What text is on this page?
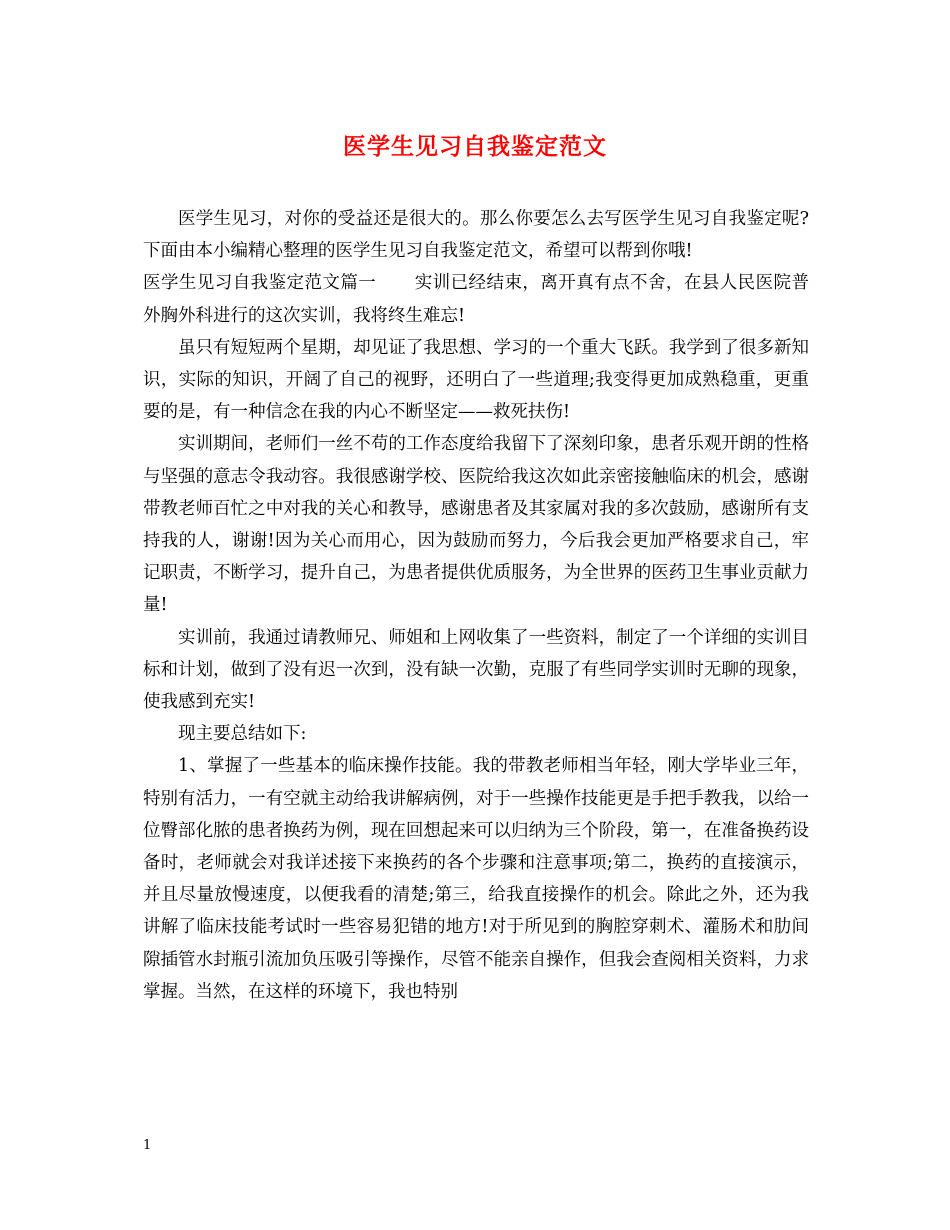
医学生见习自我鉴定范文

医学生见习，对你的受益还是很大的。那么你要怎么去写医学生见习自我鉴定呢?下面由本小编精心整理的医学生见习自我鉴定范文，希望可以帮到你哦!

医学生见习自我鉴定范文篇一 实训已经结束，离开真有点不舍，在县人民医院普外胸外科进行的这次实训，我将终生难忘!

虽只有短短两个星期，却见证了我思想、学习的一个重大飞跃。我学到了很多新知识，实际的知识，开阔了自己的视野，还明白了一些道理;我变得更加成熟稳重，更重要的是，有一种信念在我的内心不断坚定——救死扶伤!

实训期间，老师们一丝不苟的工作态度给我留下了深刻印象，患者乐观开朗的性格与坚强的意志令我动容。我很感谢学校、医院给我这次如此亲密接触临床的机会，感谢带教老师百忙之中对我的关心和教导，感谢患者及其家属对我的多次鼓励，感谢所有支持我的人，谢谢!因为关心而用心，因为鼓励而努力，今后我会更加严格要求自己，牢记职责，不断学习，提升自己，为患者提供优质服务，为全世界的医药卫生事业贡献力量!

实训前，我通过请教师兄、师姐和上网收集了一些资料，制定了一个详细的实训目标和计划，做到了没有迟一次到，没有缺一次勤，克服了有些同学实训时无聊的现象，使我感到充实!

现主要总结如下:

1、掌握了一些基本的临床操作技能。我的带教老师相当年轻，刚大学毕业三年，特别有活力，一有空就主动给我讲解病例，对于一些操作技能更是手把手教我，以给一位臀部化脓的患者换药为例，现在回想起来可以归纳为三个阶段，第一，在准备换药设备时，老师就会对我详述接下来换药的各个步骤和注意事项;第二，换药的直接演示，并且尽量放慢速度，以便我看的清楚;第三，给我直接操作的机会。除此之外，还为我讲解了临床技能考试时一些容易犯错的地方!对于所见到的胸腔穿刺术、灌肠术和肋间隙插管水封瓶引流加负压吸引等操作，尽管不能亲自操作，但我会查阅相关资料，力求掌握。当然，在这样的环境下，我也特别

1
